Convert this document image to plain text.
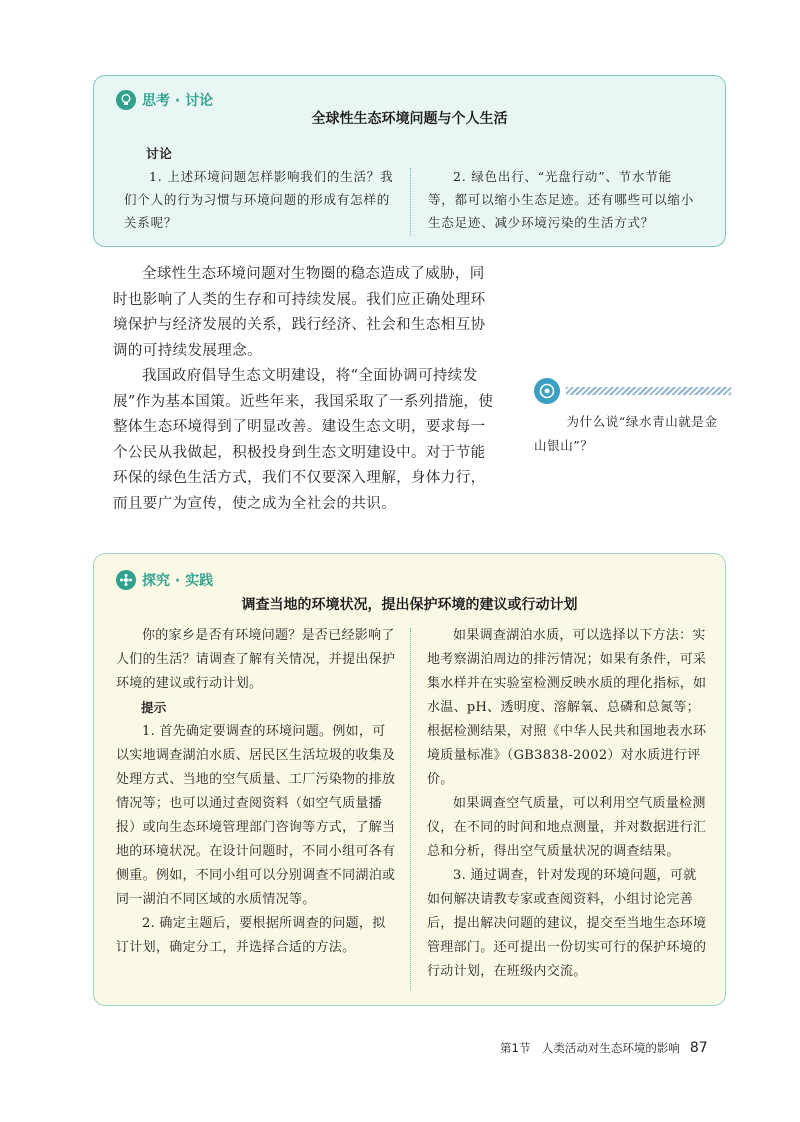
思考 · 讨论
全球性生态环境问题与个人生活
讨论

1. 上述环境问题怎样影响我们的生活？我们个人的行为习惯与环境问题的形成有怎样的关系呢？

2. 绿色出行、“光盘行动”、节水节能等，都可以缩小生态足迹。还有哪些可以缩小生态足迹、减少环境污染的生活方式？

全球性生态环境问题对生物圈的稳态造成了威胁，同时也影响了人类的生存和可持续发展。我们应正确处理环境保护与经济发展的关系，践行经济、社会和生态相互协调的可持续发展理念。

我国政府倡导生态文明建设，将“全面协调可持续发展”作为基本国策。近些年来，我国采取了一系列措施，使整体生态环境得到了明显改善。建设生态文明，要求每一个公民从我做起，积极投身到生态文明建设中。对于节能环保的绿色生活方式，我们不仅要深入理解，身体力行，而且要广为宣传，使之成为全社会的共识。

为什么说“绿水青山就是金山银山”？
探究 · 实践
调查当地的环境状况，提出保护环境的建议或行动计划

你的家乡是否有环境问题？是否已经影响了人们的生活？请调查了解有关情况，并提出保护环境的建议或行动计划。

提示

1. 首先确定要调查的环境问题。例如，可以实地调查湖泊水质、居民区生活垃圾的收集及处理方式、当地的空气质量、工厂污染物的排放情况等；也可以通过查阅资料（如空气质量播报）或向生态环境管理部门咨询等方式，了解当地的环境状况。在设计问题时，不同小组可各有侧重。例如，不同小组可以分别调查不同湖泊或同一湖泊不同区域的水质情况等。

2. 确定主题后，要根据所调查的问题，拟订计划，确定分工，并选择合适的方法。

如果调查湖泊水质，可以选择以下方法：实地考察湖泊周边的排污情况；如果有条件，可采集水样并在实验室检测反映水质的理化指标，如水温、pH、透明度、溶解氧、总磷和总氮等；根据检测结果，对照《中华人民共和国地表水环境质量标准》（GB3838-2002）对水质进行评价。

如果调查空气质量，可以利用空气质量检测仪，在不同的时间和地点测量，并对数据进行汇总和分析，得出空气质量状况的调查结果。

3. 通过调查，针对发现的环境问题，可就如何解决请教专家或查阅资料，小组讨论完善后，提出解决问题的建议，提交至当地生态环境管理部门。还可提出一份切实可行的保护环境的行动计划，在班级内交流。

第1节　人类活动对生态环境的影响 87
